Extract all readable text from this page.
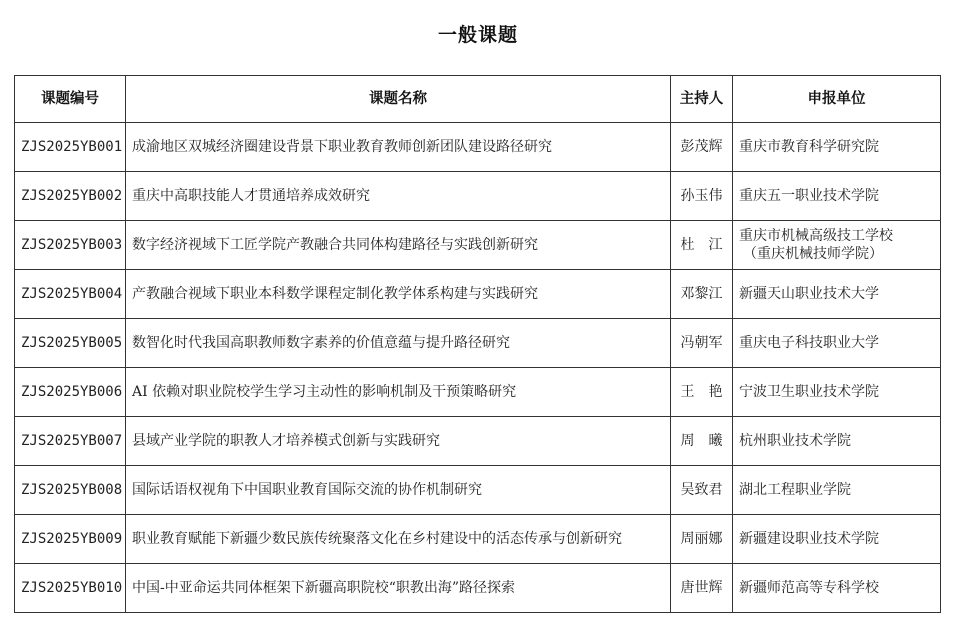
一般课题
课题编号	课题名称	主持人	申报单位
ZJS2025YB001	成渝地区双城经济圈建设背景下职业教育教师创新团队建设路径研究	彭茂辉	重庆市教育科学研究院
ZJS2025YB002	重庆中高职技能人才贯通培养成效研究	孙玉伟	重庆五一职业技术学院
ZJS2025YB003	数字经济视域下工匠学院产教融合共同体构建路径与实践创新研究	杜　江	重庆市机械高级技工学校
（重庆机械技师学院）

ZJS2025YB004	产教融合视域下职业本科数学课程定制化教学体系构建与实践研究	邓黎江	新疆天山职业技术大学
ZJS2025YB005	数智化时代我国高职教师数字素养的价值意蕴与提升路径研究	冯朝军	重庆电子科技职业大学
ZJS2025YB006	AI 依赖对职业院校学生学习主动性的影响机制及干预策略研究	王　艳	宁波卫生职业技术学院
ZJS2025YB007	县域产业学院的职教人才培养模式创新与实践研究	周　曦	杭州职业技术学院
ZJS2025YB008	国际话语权视角下中国职业教育国际交流的协作机制研究	吴致君	湖北工程职业学院
ZJS2025YB009	职业教育赋能下新疆少数民族传统聚落文化在乡村建设中的活态传承与创新研究	周丽娜	新疆建设职业技术学院
ZJS2025YB010	中国-中亚命运共同体框架下新疆高职院校“职教出海”路径探索	唐世辉	新疆师范高等专科学校
